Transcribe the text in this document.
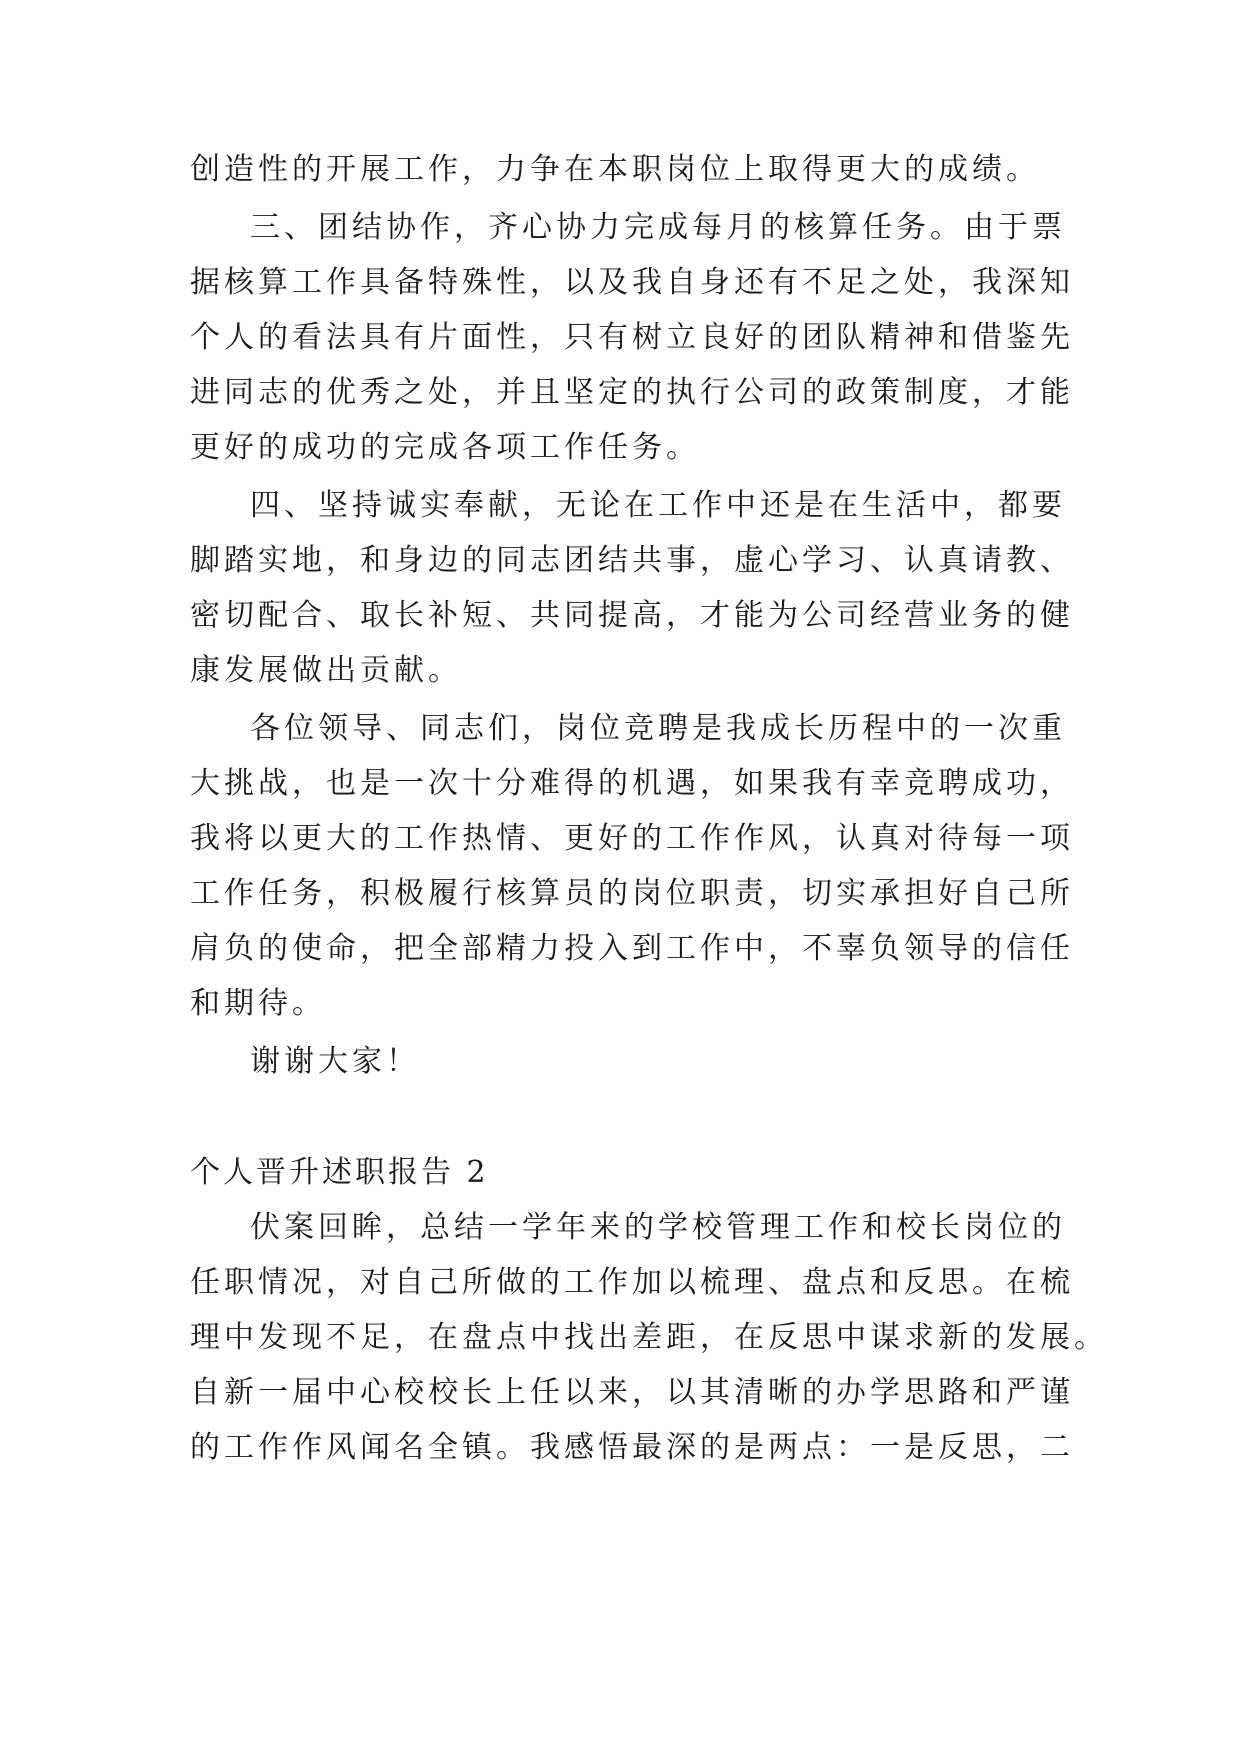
创造性的开展工作，力争在本职岗位上取得更大的成绩。
三、团结协作，齐心协力完成每月的核算任务。由于票
据核算工作具备特殊性，以及我自身还有不足之处，我深知
个人的看法具有片面性，只有树立良好的团队精神和借鉴先
进同志的优秀之处，并且坚定的执行公司的政策制度，才能
更好的成功的完成各项工作任务。
四、坚持诚实奉献，无论在工作中还是在生活中，都要
脚踏实地，和身边的同志团结共事，虚心学习、认真请教、
密切配合、取长补短、共同提高，才能为公司经营业务的健
康发展做出贡献。
各位领导、同志们，岗位竞聘是我成长历程中的一次重
大挑战，也是一次十分难得的机遇，如果我有幸竞聘成功，
我将以更大的工作热情、更好的工作作风，认真对待每一项
工作任务，积极履行核算员的岗位职责，切实承担好自己所
肩负的使命，把全部精力投入到工作中，不辜负领导的信任
和期待。
谢谢大家！
个人晋升述职报告 2
伏案回眸，总结一学年来的学校管理工作和校长岗位的
任职情况，对自己所做的工作加以梳理、盘点和反思。在梳
理中发现不足，在盘点中找出差距，在反思中谋求新的发展。
自新一届中心校校长上任以来，以其清晰的办学思路和严谨
的工作作风闻名全镇。我感悟最深的是两点：一是反思，二
